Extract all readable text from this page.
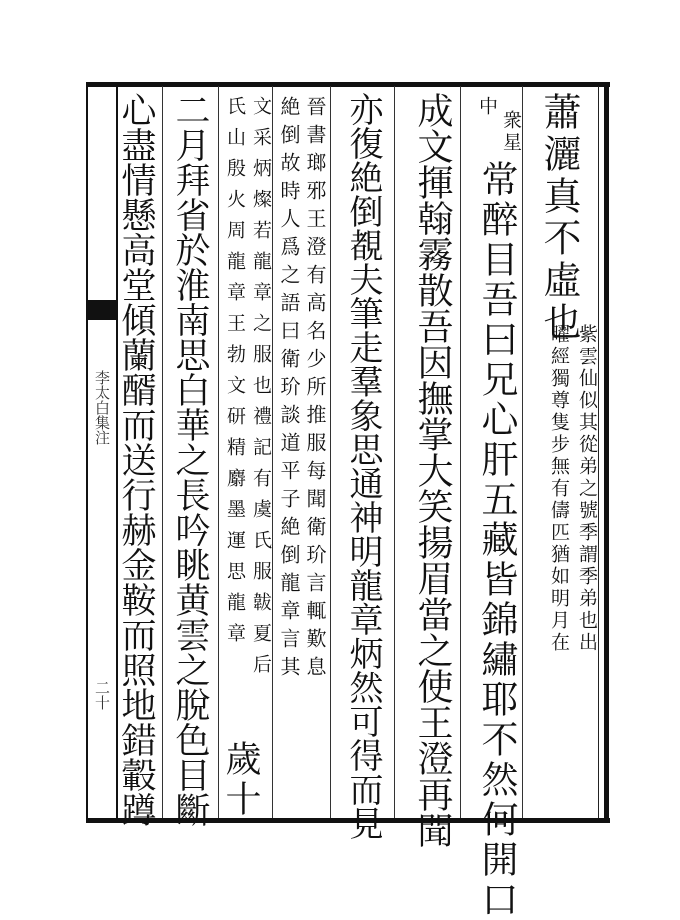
李太白集注
二十
蕭灑真不虛也
紫雲仙似其從弟之號季謂季弟也出
曜經獨尊隻步無有儔匹猶如明月在
衆星
中
常醉目吾曰兄心肝五藏皆錦繡耶不然何開口
成文揮翰霧散吾因撫掌大笑揚眉當之使王澄再聞
亦復絶倒覩夫筆走羣象思通神明龍章炳然可得而見
晉書瑯邪王澄有高名少所推服每聞衛玠言輒歎息
絶倒故時人爲之語曰衛玠談道平子絶倒龍章言其
文采炳燦若龍章之服也禮記有虞氏服韍夏后
氏山殷火周龍章王勃文研精麝墨運思龍章
歲十
二月拜省於淮南思白華之長吟眺黄雲之脫色目斷
心盡情懸高堂傾蘭醑而送行赫金鞍而照地錯轂蹲
